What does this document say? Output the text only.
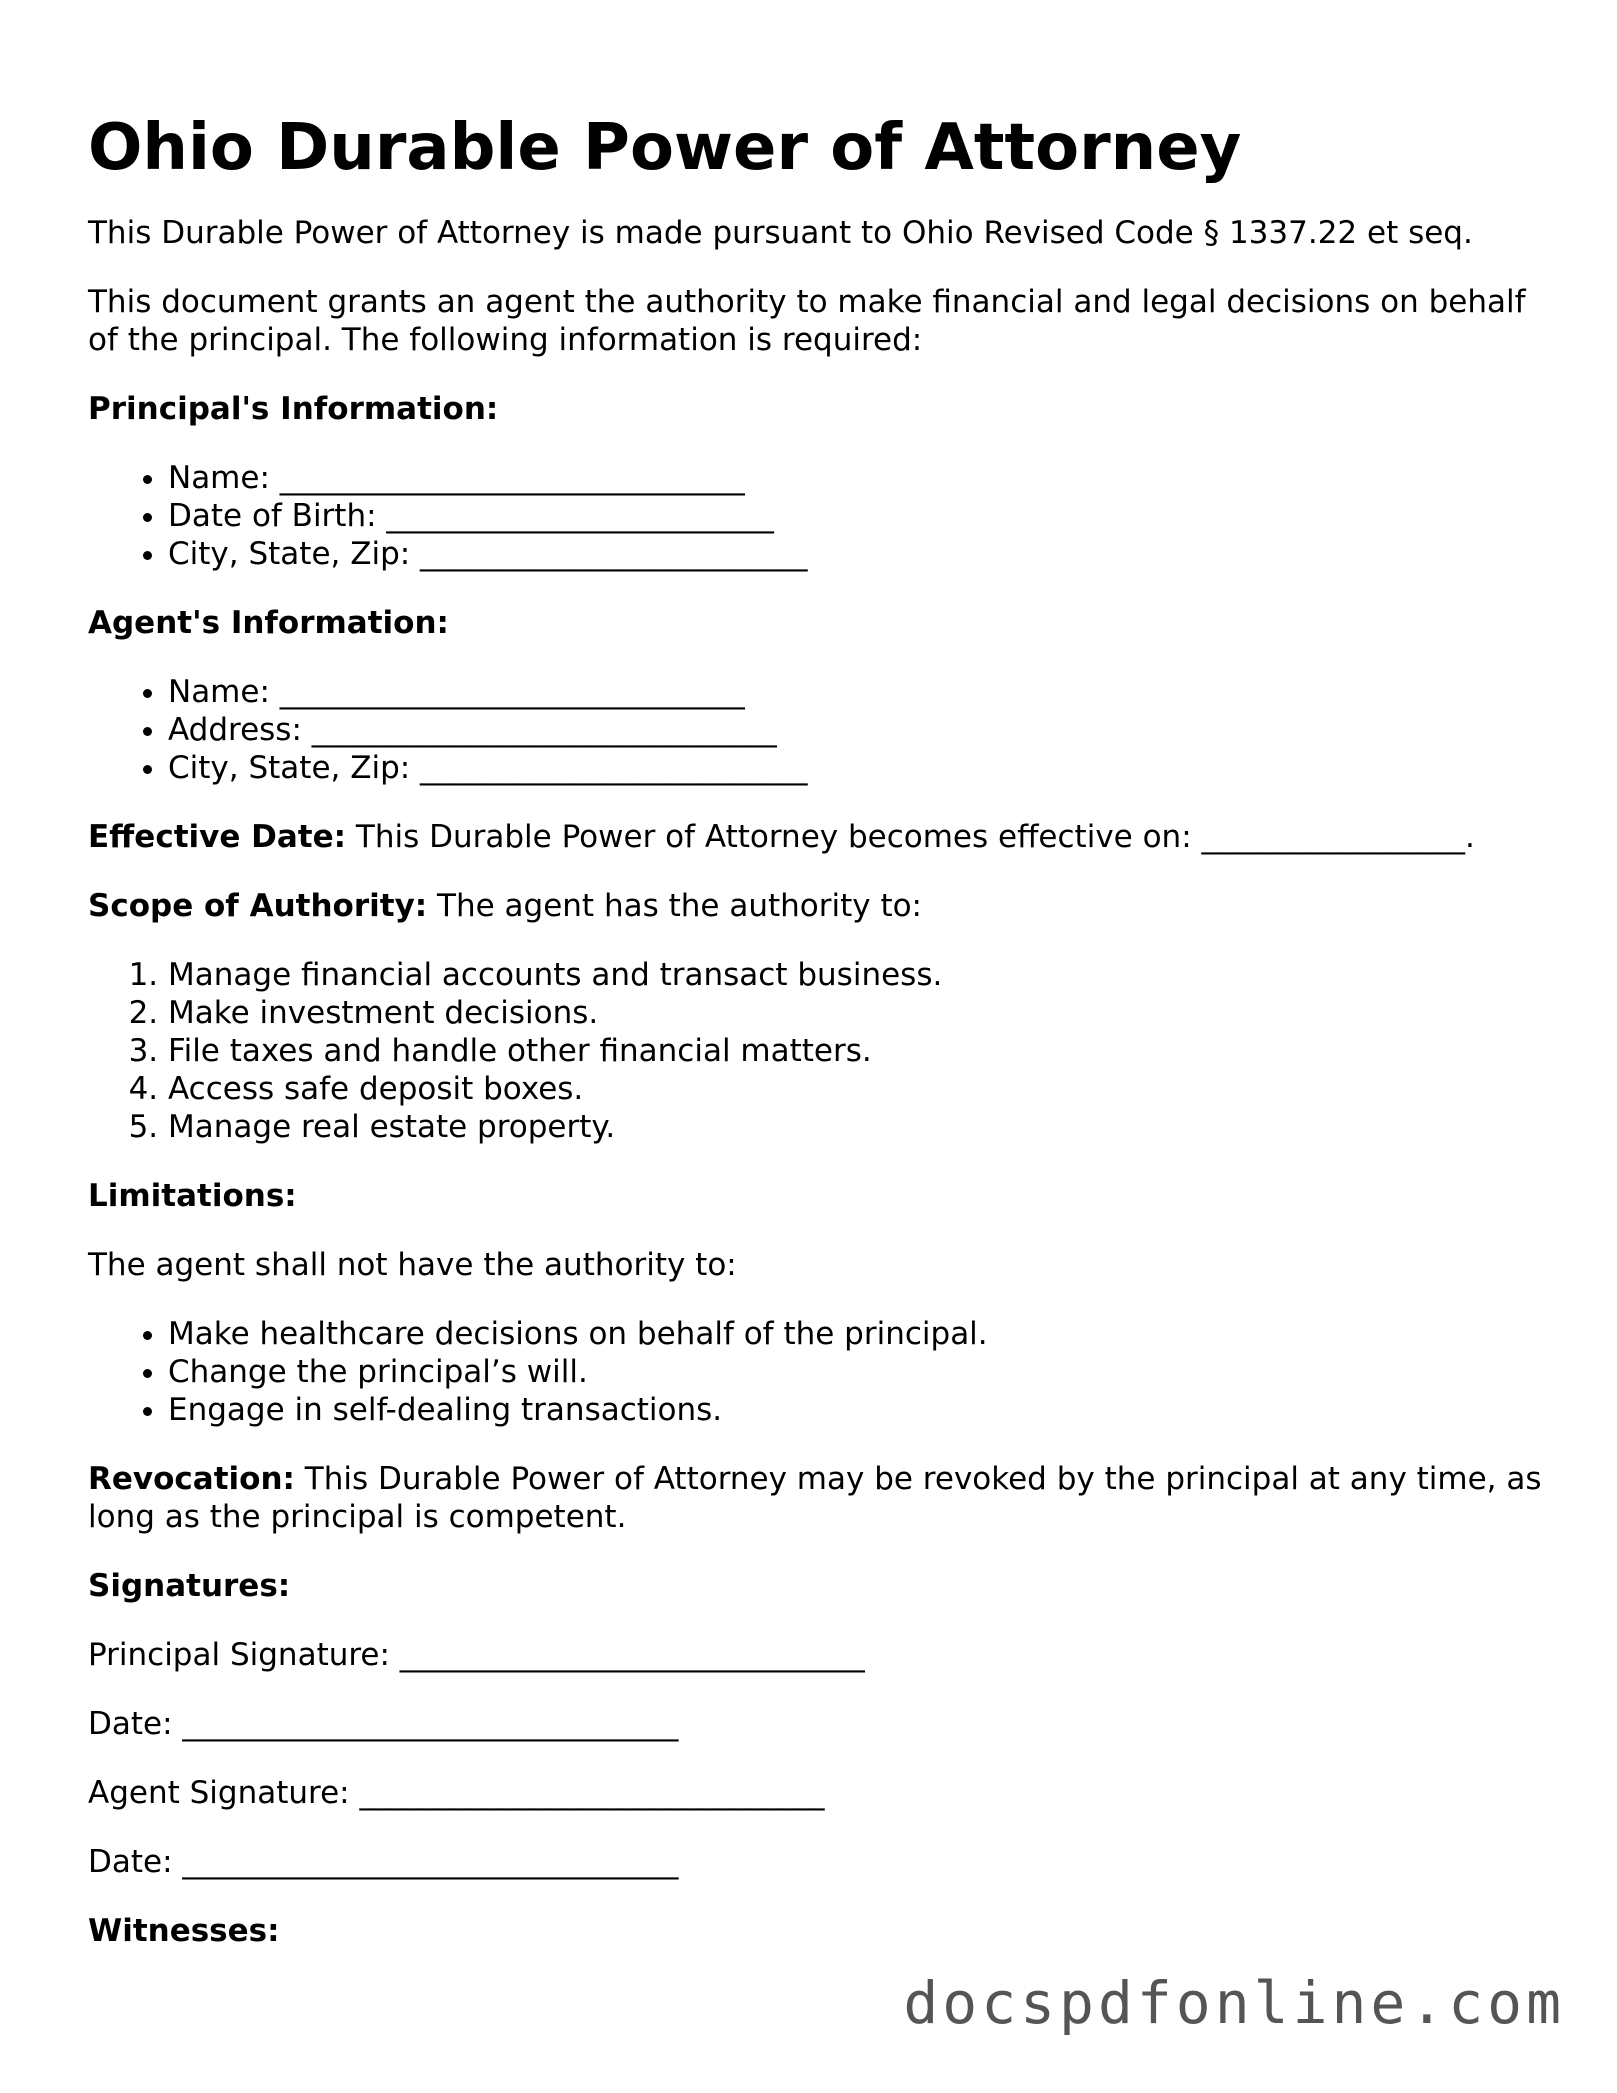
Ohio Durable Power of Attorney

This Durable Power of Attorney is made pursuant to Ohio Revised Code § 1337.22 et seq.

This document grants an agent the authority to make financial and legal decisions on behalf of the principal. The following information is required:

Principal's Information:

• Name: ______________________________
• Date of Birth: _________________________
• City, State, Zip: _________________________

Agent's Information:

• Name: ______________________________
• Address: ______________________________
• City, State, Zip: _________________________

Effective Date: This Durable Power of Attorney becomes effective on: _________________.

Scope of Authority: The agent has the authority to:

1. Manage financial accounts and transact business.
2. Make investment decisions.
3. File taxes and handle other financial matters.
4. Access safe deposit boxes.
5. Manage real estate property.

Limitations:

The agent shall not have the authority to:

• Make healthcare decisions on behalf of the principal.
• Change the principal’s will.
• Engage in self-dealing transactions.

Revocation: This Durable Power of Attorney may be revoked by the principal at any time, as long as the principal is competent.

Signatures:

Principal Signature: ______________________________

Date: ________________________________

Agent Signature: ______________________________

Date: ________________________________

Witnesses:

docspdfonline.com
